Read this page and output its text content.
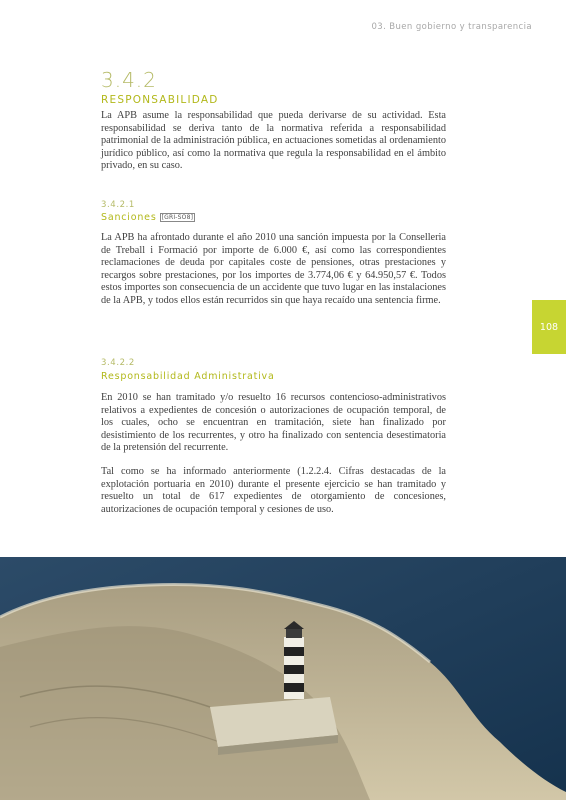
03. Buen gobierno y transparencia
108
3.4.2
RESPONSABILIDAD

La APB asume la responsabilidad que pueda derivarse de su actividad. Esta responsabilidad se deriva tanto de la normativa referida a responsabilidad patrimonial de la administración pública, en actuaciones sometidas al ordenamiento jurídico público, así como la normativa que regula la responsabilidad en el ámbito privado, en su caso.

3.4.2.1
Sanciones [GRI-SO8]

La APB ha afrontado durante el año 2010 una sanción impuesta por la Conselleria de Treball i Formació por importe de 6.000 €, así como las correspondientes reclamaciones de deuda por capitales coste de pensiones, otras prestaciones y recargos sobre prestaciones, por los importes de 3.774,06 € y 64.950,57 €. Todos estos importes son consecuencia de un accidente que tuvo lugar en las instalaciones de la APB, y todos ellos están recurridos sin que haya recaído una sentencia firme.

3.4.2.2
Responsabilidad Administrativa

En 2010 se han tramitado y/o resuelto 16 recursos contencioso-administrativos relativos a expedientes de concesión o autorizaciones de ocupación temporal, de los cuales, ocho se encuentran en tramitación, siete han finalizado por desistimiento de los recurrentes, y otro ha finalizado con sentencia desestimatoria de la pretensión del recurrente.

Tal como se ha informado anteriormente (1.2.2.4. Cifras destacadas de la explotación portuaria en 2010) durante el presente ejercicio se han tramitado y resuelto un total de 617 expedientes de otorgamiento de concesiones, autorizaciones de ocupación temporal y cesiones de uso.
